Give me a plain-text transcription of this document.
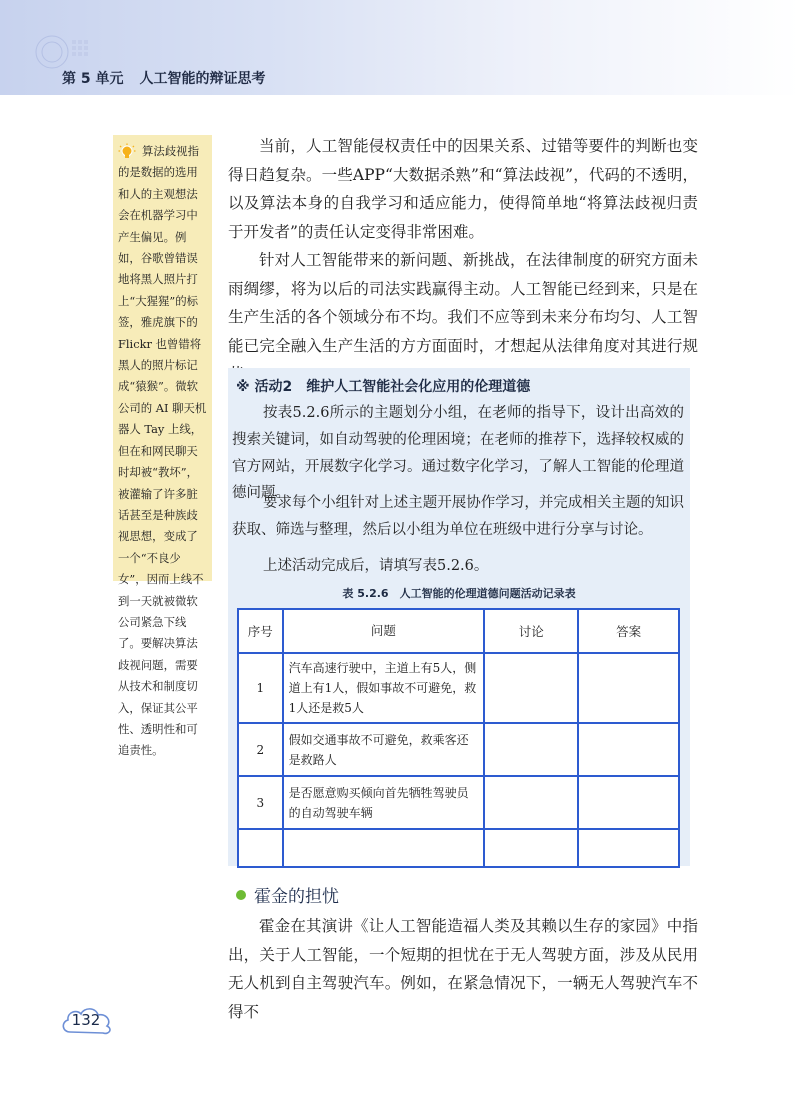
第 5 单元 人工智能的辩证思考
算法歧视指的是数据的选用和人的主观想法会在机器学习中产生偏见。例如，谷歌曾错误地将黑人照片打上“大猩猩”的标签，雅虎旗下的 Flickr 也曾错将黑人的照片标记成“猿猴”。微软公司的 AI 聊天机器人 Tay 上线，但在和网民聊天时却被“教坏”，被灌输了许多脏话甚至是种族歧视思想，变成了一个“不良少女”，因而上线不到一天就被微软公司紧急下线了。要解决算法歧视问题，需要从技术和制度切入，保证其公平性、透明性和可追责性。

当前，人工智能侵权责任中的因果关系、过错等要件的判断也变得日趋复杂。一些APP“大数据杀熟”和“算法歧视”，代码的不透明，以及算法本身的自我学习和适应能力，使得简单地“将算法歧视归责于开发者”的责任认定变得非常困难。

针对人工智能带来的新问题、新挑战，在法律制度的研究方面未雨绸缪，将为以后的司法实践赢得主动。人工智能已经到来，只是在生产生活的各个领域分布不均。我们不应等到未来分布均匀、人工智能已完全融入生产生活的方方面面时，才想起从法律角度对其进行规

※ 活动2　维护人工智能社会化应用的伦理道德

按表5.2.6所示的主题划分小组，在老师的指导下，设计出高效的搜索关键词，如自动驾驶的伦理困境；在老师的推荐下，选择较权威的官方网站，开展数字化学习。通过数字化学习，了解人工智能的伦理道德问题。

要求每个小组针对上述主题开展协作学习，并完成相关主题的知识获取、筛选与整理，然后以小组为单位在班级中进行分享与讨论。

上述活动完成后，请填写表5.2.6。

表 5.2.6　人工智能的伦理道德问题活动记录表
序号	问题	讨论	答案
1	汽车高速行驶中，主道上有5人，侧道上有1人，假如事故不可避免，救1人还是救5人		
2	假如交通事故不可避免，救乘客还是救路人		
3	是否愿意购买倾向首先牺牲驾驶员的自动驾驶车辆		

霍金的担忧

霍金在其演讲《让人工智能造福人类及其赖以生存的家园》中指出，关于人工智能，一个短期的担忧在于无人驾驶方面，涉及从民用无人机到自主驾驶汽车。例如，在紧急情况下，一辆无人驾驶汽车不得不

132
